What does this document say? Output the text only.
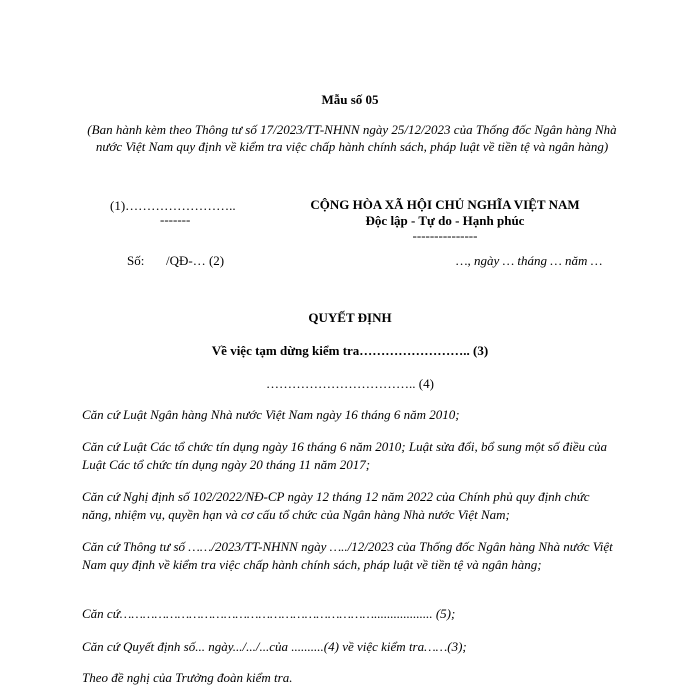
Mẫu số 05
(Ban hành kèm theo Thông tư số 17/2023/TT-NHNN ngày 25/12/2023 của Thống đốc Ngân hàng Nhà nước Việt Nam quy định về kiểm tra việc chấp hành chính sách, pháp luật về tiền tệ và ngân hàng)
(1)……………………..
-------
CỘNG HÒA XÃ HỘI CHỦ NGHĨA VIỆT NAM
Độc lập - Tự do - Hạnh phúc
---------------
Số: /QĐ-… (2)	…, ngày … tháng … năm …
QUYẾT ĐỊNH
Về việc tạm dừng kiểm tra…………………….. (3)
…………………………….. (4)
Căn cứ Luật Ngân hàng Nhà nước Việt Nam ngày 16 tháng 6 năm 2010;
Căn cứ Luật Các tổ chức tín dụng ngày 16 tháng 6 năm 2010; Luật sửa đổi, bổ sung một số điều của Luật Các tổ chức tín dụng ngày 20 tháng 11 năm 2017;
Căn cứ Nghị định số 102/2022/NĐ-CP ngày 12 tháng 12 năm 2022 của Chính phủ quy định chức năng, nhiệm vụ, quyền hạn và cơ cấu tổ chức của Ngân hàng Nhà nước Việt Nam;
Căn cứ Thông tư số ……/2023/TT-NHNN ngày …../12/2023 của Thống đốc Ngân hàng Nhà nước Việt Nam quy định về kiểm tra việc chấp hành chính sách, pháp luật về tiền tệ và ngân hàng;
Căn cứ………………………………………………………….................. (5);
Căn cứ Quyết định số... ngày.../.../...của ..........(4) về việc kiểm tra……(3);
Theo đề nghị của Trưởng đoàn kiểm tra.
